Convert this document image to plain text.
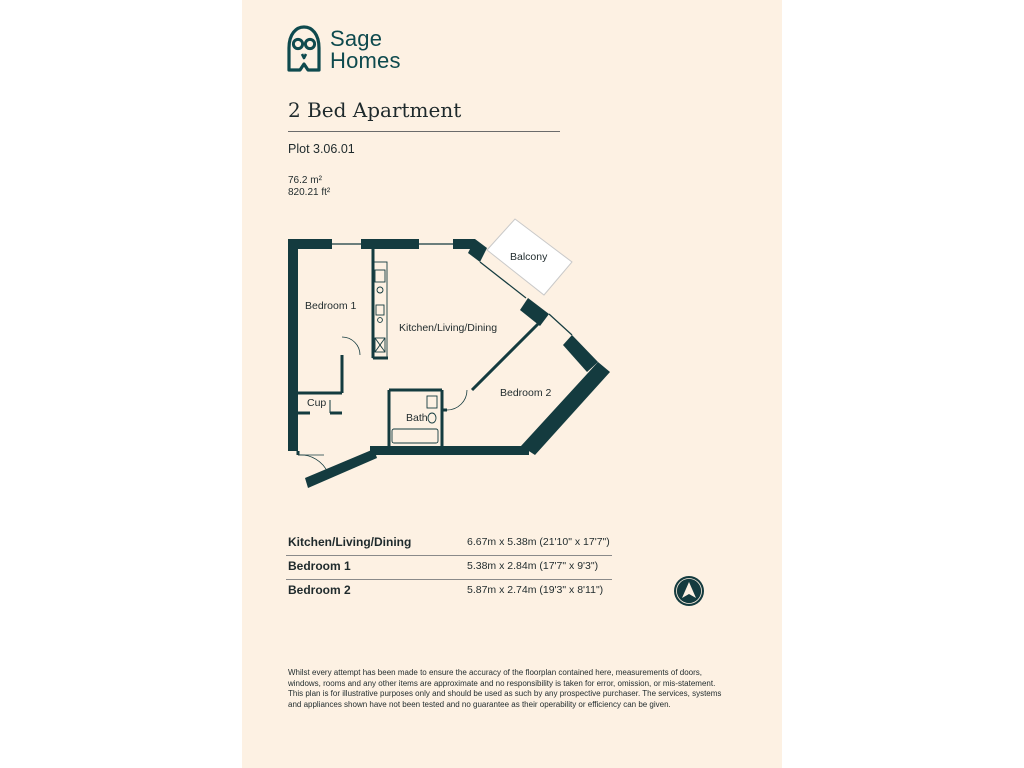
Sage
Homes
2 Bed Apartment
Plot 3.06.01
76.2 m²
820.21 ft²
Balcony
Bedroom 1
Kitchen/Living/Dining
Bedroom 2
Cup
Bath
Kitchen/Living/Dining	6.67m x 5.38m (21'10" x 17'7")
Bedroom 1	5.38m x 2.84m (17'7" x 9'3")
Bedroom 2	5.87m x 2.74m (19'3" x 8'11")
Whilst every attempt has been made to ensure the accuracy of the floorplan contained here, measurements of doors, windows, rooms and any other items are approximate and no responsibility is taken for error, omission, or mis-statement. This plan is for illustrative purposes only and should be used as such by any prospective purchaser. The services, systems and appliances shown have not been tested and no guarantee as their operability or efficiency can be given.
